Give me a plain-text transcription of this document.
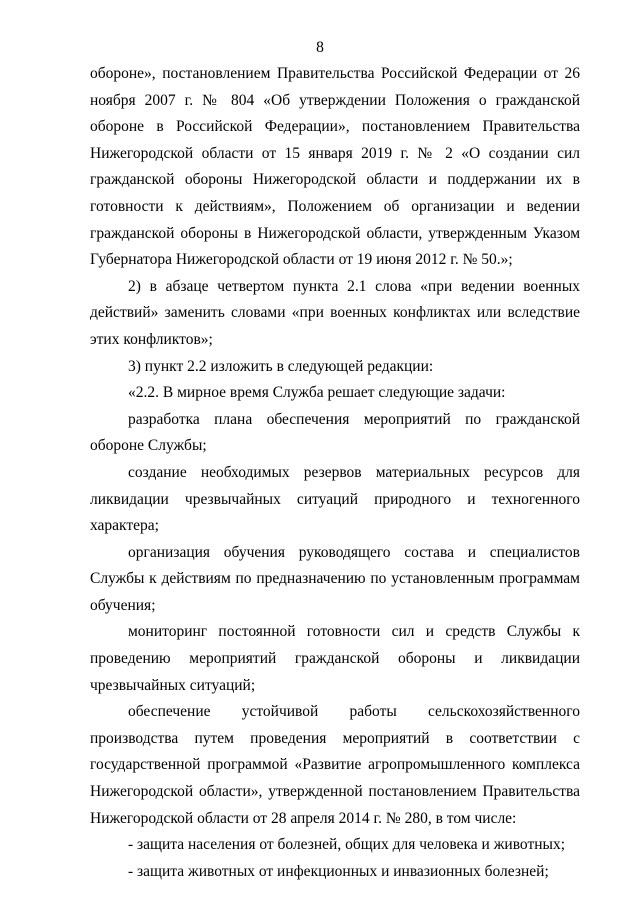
8

обороне», постановлением Правительства Российской Федерации от 26 ноября 2007 г. № 804 «Об утверждении Положения о гражданской обороне в Российской Федерации», постановлением Правительства Нижегородской области от 15 января 2019 г. № 2 «О создании сил гражданской обороны Нижегородской области и поддержании их в готовности к действиям», Положением об организации и ведении гражданской обороны в Нижегородской области, утвержденным Указом Губернатора Нижегородской области от 19 июня 2012 г. № 50.»;

2) в абзаце четвертом пункта 2.1 слова «при ведении военных действий» заменить словами «при военных конфликтах или вследствие этих конфликтов»;

3) пункт 2.2 изложить в следующей редакции:

«2.2. В мирное время Служба решает следующие задачи:

разработка плана обеспечения мероприятий по гражданской обороне Службы;

создание необходимых резервов материальных ресурсов для ликвидации чрезвычайных ситуаций природного и техногенного характера;

организация обучения руководящего состава и специалистов Службы к действиям по предназначению по установленным программам обучения;

мониторинг постоянной готовности сил и средств Службы к проведению мероприятий гражданской обороны и ликвидации чрезвычайных ситуаций;

обеспечение устойчивой работы сельскохозяйственного производства путем проведения мероприятий в соответствии с государственной программой «Развитие агропромышленного комплекса Нижегородской области», утвержденной постановлением Правительства Нижегородской области от 28 апреля 2014 г. № 280, в том числе:

- защита населения от болезней, общих для человека и животных;

- защита животных от инфекционных и инвазионных болезней;
